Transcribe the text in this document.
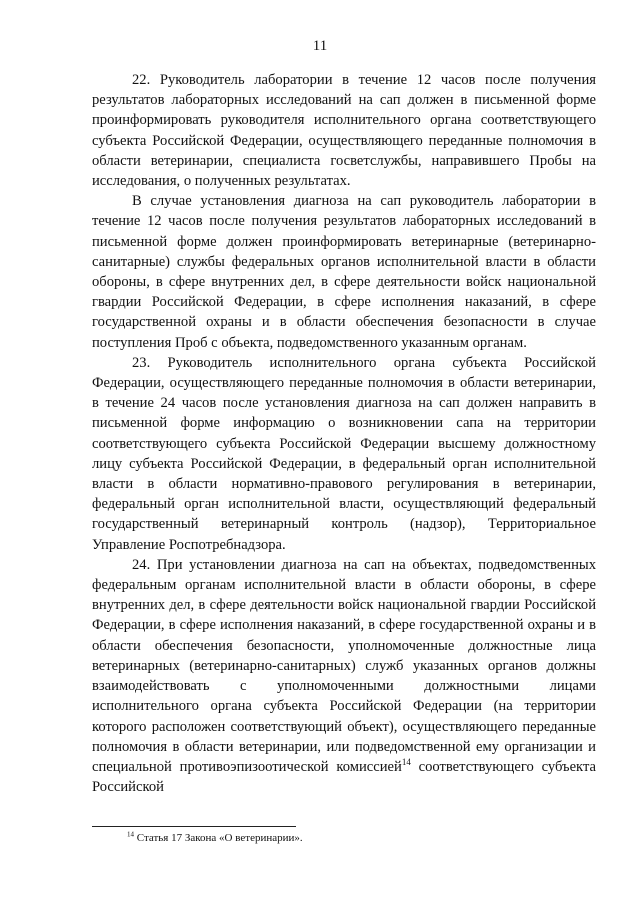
11

22. Руководитель лаборатории в течение 12 часов после получения результатов лабораторных исследований на сап должен в письменной форме проинформировать руководителя исполнительного органа соответствующего субъекта Российской Федерации, осуществляющего переданные полномочия в области ветеринарии, специалиста госветслужбы, направившего Пробы на исследования, о полученных результатах.

В случае установления диагноза на сап руководитель лаборатории в течение 12 часов после получения результатов лабораторных исследований в письменной форме должен проинформировать ветеринарные (ветеринарно-санитарные) службы федеральных органов исполнительной власти в области обороны, в сфере внутренних дел, в сфере деятельности войск национальной гвардии Российской Федерации, в сфере исполнения наказаний, в сфере государственной охраны и в области обеспечения безопасности в случае поступления Проб с объекта, подведомственного указанным органам.

23. Руководитель исполнительного органа субъекта Российской Федерации, осуществляющего переданные полномочия в области ветеринарии, в течение 24 часов после установления диагноза на сап должен направить в письменной форме информацию о возникновении сапа на территории соответствующего субъекта Российской Федерации высшему должностному лицу субъекта Российской Федерации, в федеральный орган исполнительной власти в области нормативно-правового регулирования в ветеринарии, федеральный орган исполнительной власти, осуществляющий федеральный государственный ветеринарный контроль (надзор), Территориальное Управление Роспотребнадзора.

24. При установлении диагноза на сап на объектах, подведомственных федеральным органам исполнительной власти в области обороны, в сфере внутренних дел, в сфере деятельности войск национальной гвардии Российской Федерации, в сфере исполнения наказаний, в сфере государственной охраны и в области обеспечения безопасности, уполномоченные должностные лица ветеринарных (ветеринарно-санитарных) служб указанных органов должны взаимодействовать с уполномоченными должностными лицами исполнительного органа субъекта Российской Федерации (на территории которого расположен соответствующий объект), осуществляющего переданные полномочия в области ветеринарии, или подведомственной ему организации и специальной противоэпизоотической комиссией$^{14}$ соответствующего субъекта Российской

$^{14}$ Статья 17 Закона «О ветеринарии».
